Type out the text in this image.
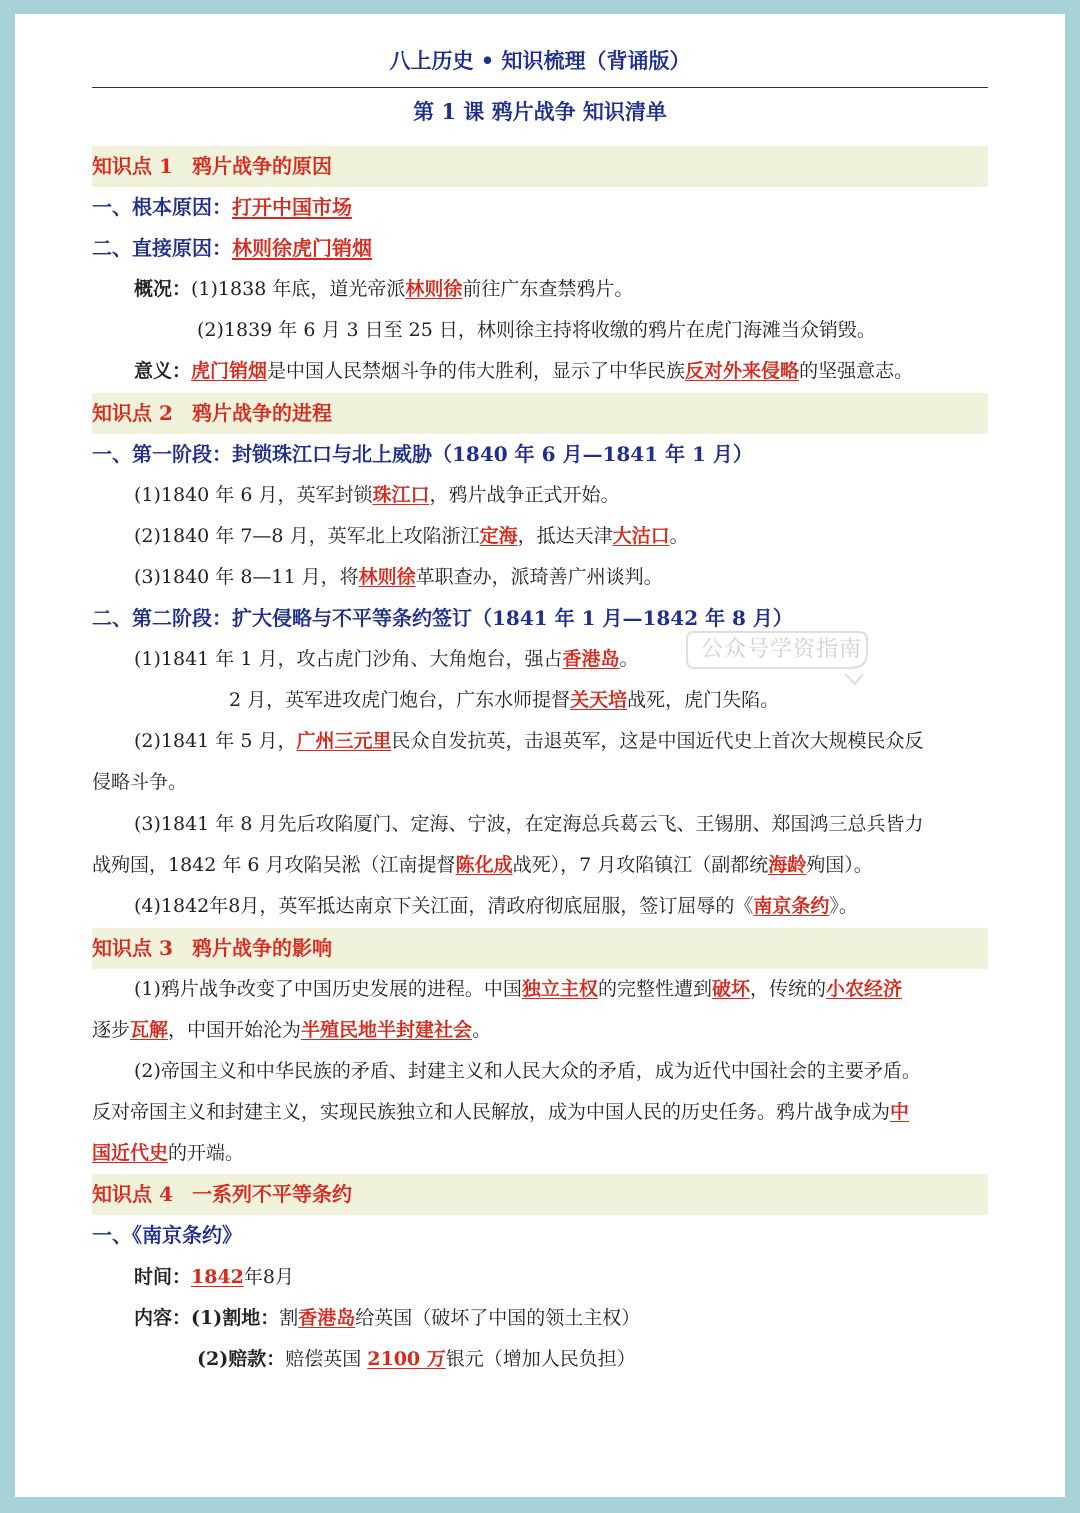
八上历史 • 知识梳理（背诵版）
第 1 课 鸦片战争 知识清单
知识点 1 鸦片战争的原因
一、根本原因：打开中国市场
二、直接原因：林则徐虎门销烟
概况：(1)1838 年底，道光帝派林则徐前往广东查禁鸦片。
(2)1839 年 6 月 3 日至 25 日，林则徐主持将收缴的鸦片在虎门海滩当众销毁。
意义：虎门销烟是中国人民禁烟斗争的伟大胜利，显示了中华民族反对外来侵略的坚强意志。
知识点 2 鸦片战争的进程
一、第一阶段：封锁珠江口与北上威胁（1840 年 6 月—1841 年 1 月）
(1)1840 年 6 月，英军封锁珠江口，鸦片战争正式开始。
(2)1840 年 7—8 月，英军北上攻陷浙江定海，抵达天津大沽口。
(3)1840 年 8—11 月，将林则徐革职查办，派琦善广州谈判。
二、第二阶段：扩大侵略与不平等条约签订（1841 年 1 月—1842 年 8 月）
(1)1841 年 1 月，攻占虎门沙角、大角炮台，强占香港岛。
2 月，英军进攻虎门炮台，广东水师提督关天培战死，虎门失陷。
(2)1841 年 5 月，广州三元里民众自发抗英，击退英军，这是中国近代史上首次大规模民众反
侵略斗争。
(3)1841 年 8 月先后攻陷厦门、定海、宁波，在定海总兵葛云飞、王锡朋、郑国鸿三总兵皆力
战殉国，1842 年 6 月攻陷吴淞（江南提督陈化成战死），7 月攻陷镇江（副都统海龄殉国）。
(4)1842年8月，英军抵达南京下关江面，清政府彻底屈服，签订屈辱的《南京条约》。
知识点 3 鸦片战争的影响
(1)鸦片战争改变了中国历史发展的进程。中国独立主权的完整性遭到破坏，传统的小农经济
逐步瓦解，中国开始沦为半殖民地半封建社会。
(2)帝国主义和中华民族的矛盾、封建主义和人民大众的矛盾，成为近代中国社会的主要矛盾。
反对帝国主义和封建主义，实现民族独立和人民解放，成为中国人民的历史任务。鸦片战争成为中
国近代史的开端。
知识点 4 一系列不平等条约
一、《南京条约》
时间：1842年8月
内容：(1)割地：割香港岛给英国（破坏了中国的领土主权）
(2)赔款：赔偿英国 2100 万银元（增加人民负担）
公众号学资指南
